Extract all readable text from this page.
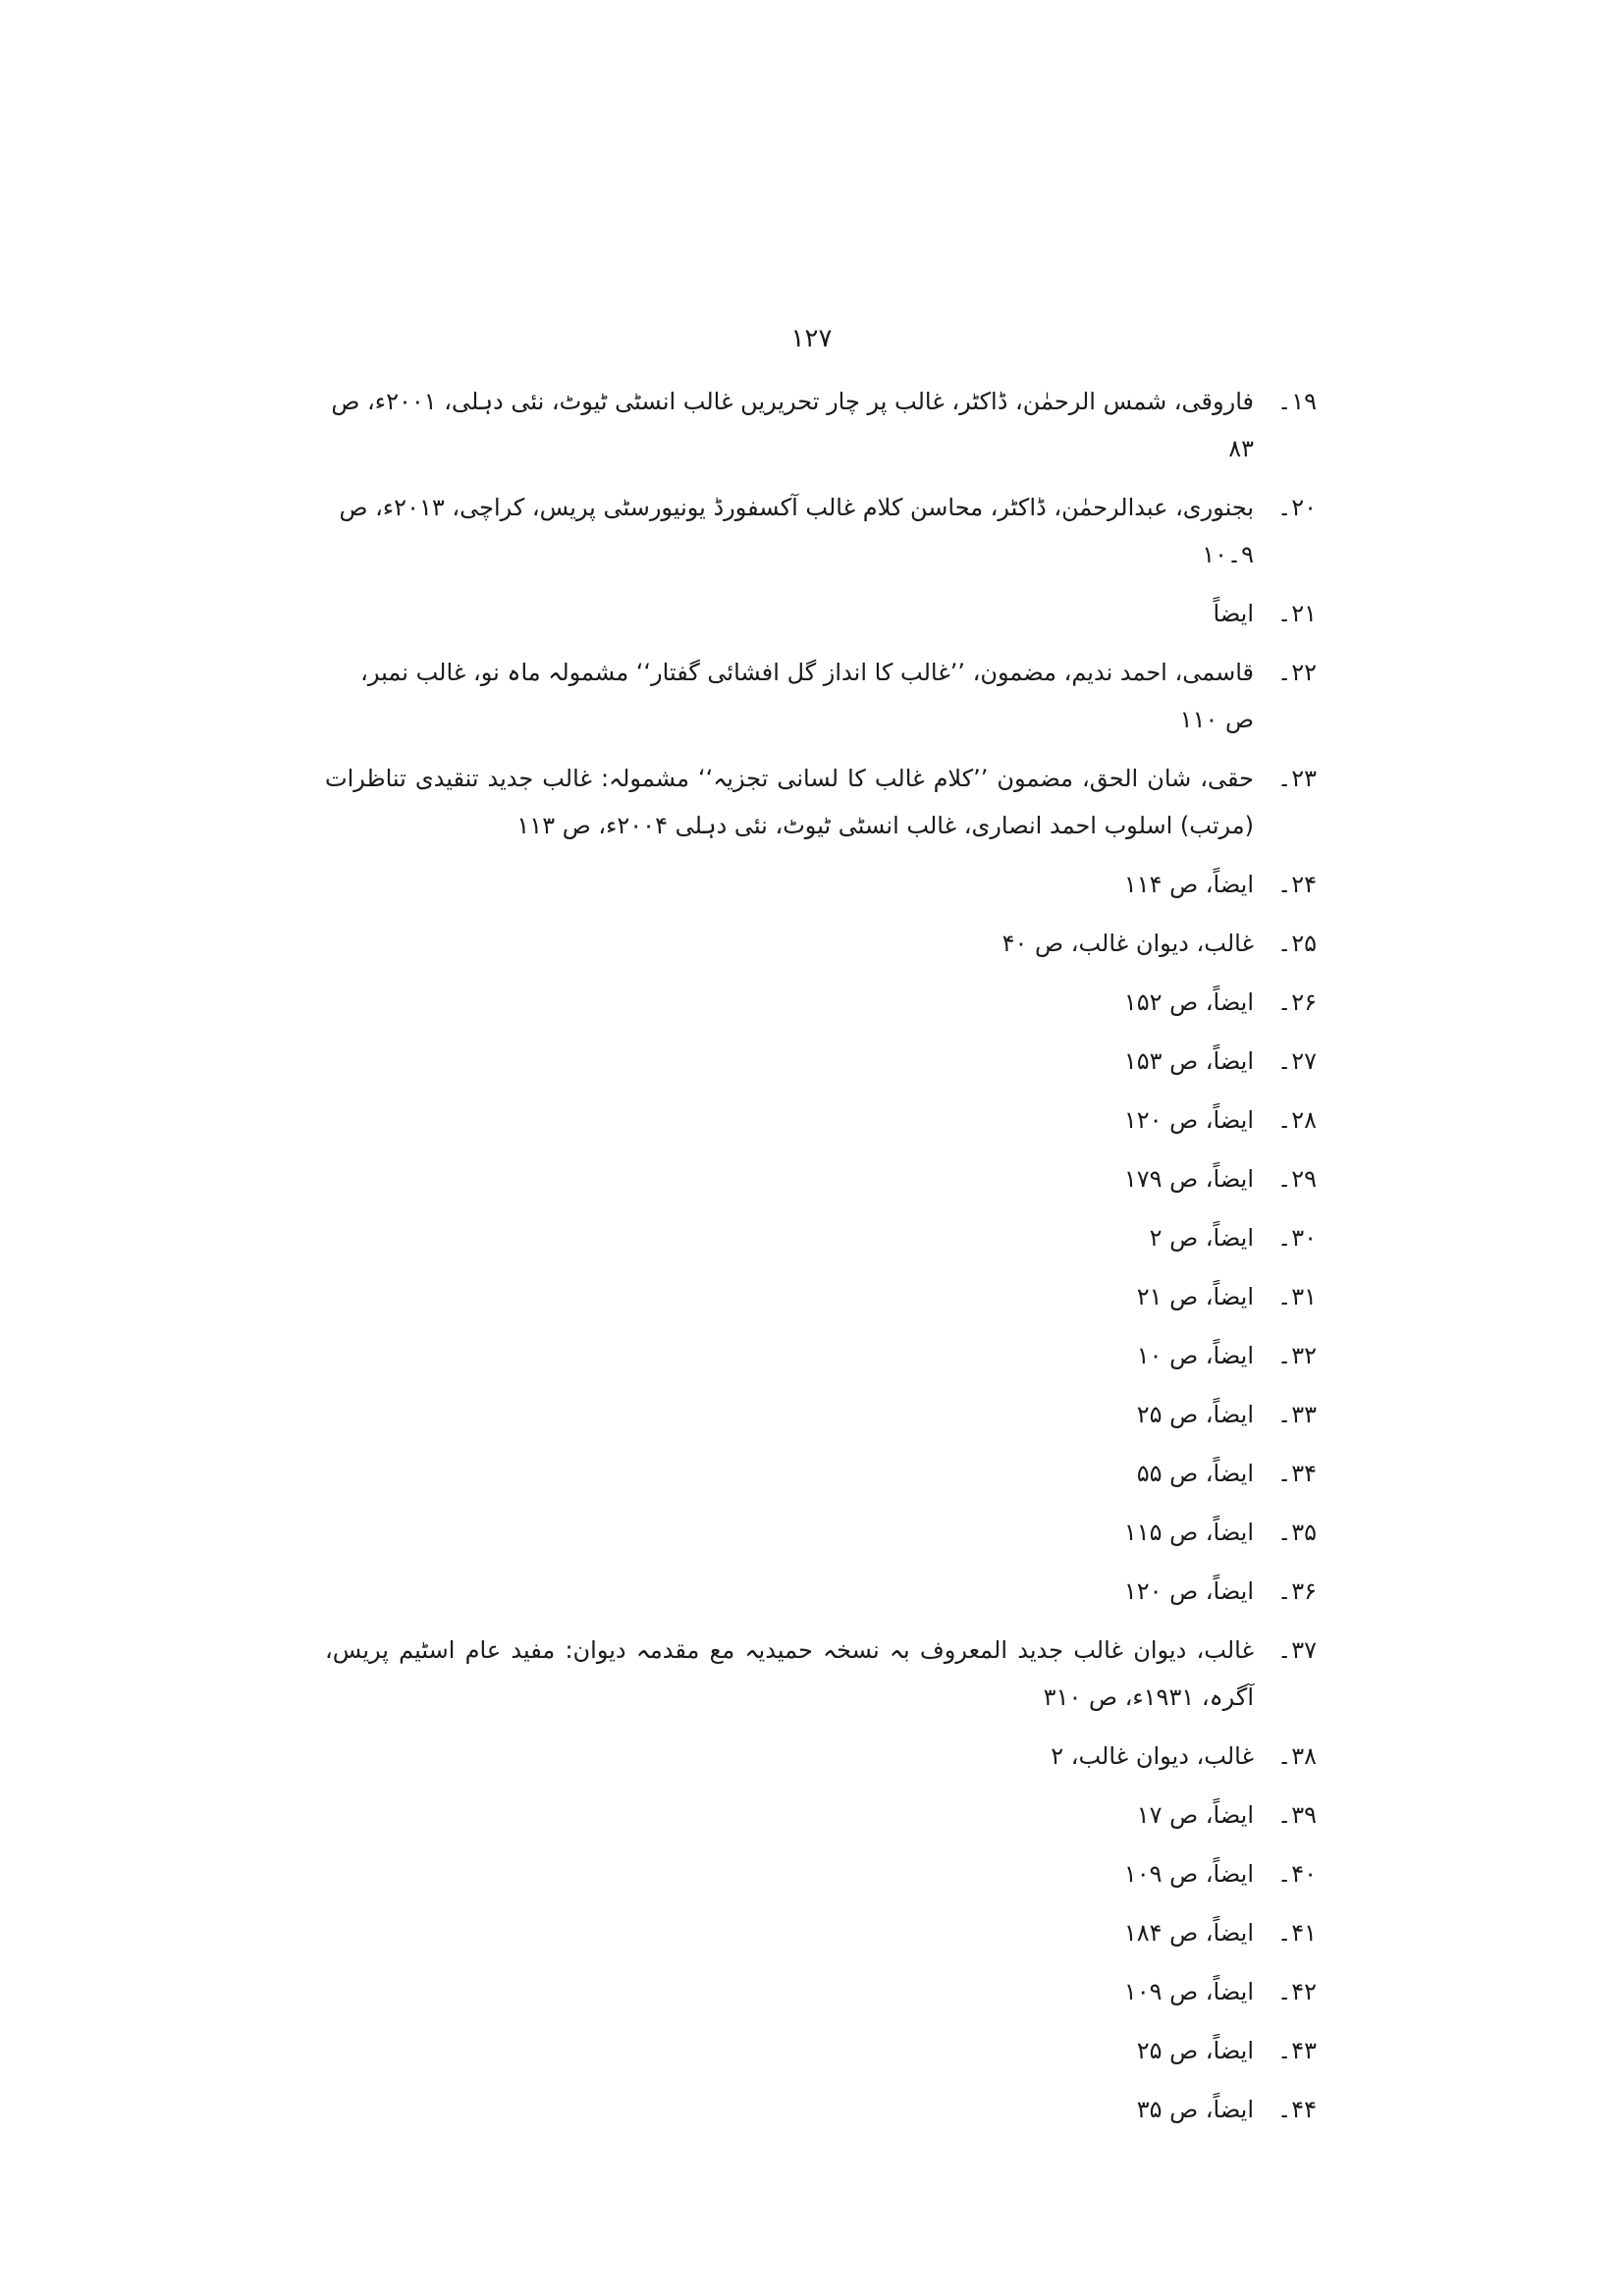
۱۲۷
۱۹۔
فاروقی، شمس الرحمٰن، ڈاکٹر، غالب پر چار تحریریں غالب انسٹی ٹیوٹ، نئی دہلی، ۲۰۰۱ء، ص ۸۳
۲۰۔
بجنوری، عبدالرحمٰن، ڈاکٹر، محاسن کلام غالب آکسفورڈ یونیورسٹی پریس، کراچی، ۲۰۱۳ء، ص ۹۔۱۰
۲۱۔
ایضاً
۲۲۔
قاسمی، احمد ندیم، مضمون، ’’غالب کا انداز گل افشائی گفتار‘‘ مشمولہ ماہ نو، غالب نمبر، ص ۱۱۰
۲۳۔
حقی، شان الحق، مضمون ’’کلام غالب کا لسانی تجزیہ‘‘ مشمولہ: غالب جدید تنقیدی تناظرات (مرتب) اسلوب احمد انصاری، غالب انسٹی ٹیوٹ، نئی دہلی ۲۰۰۴ء، ص ۱۱۳
۲۴۔
ایضاً، ص ۱۱۴
۲۵۔
غالب، دیوان غالب، ص ۴۰
۲۶۔
ایضاً، ص ۱۵۲
۲۷۔
ایضاً، ص ۱۵۳
۲۸۔
ایضاً، ص ۱۲۰
۲۹۔
ایضاً، ص ۱۷۹
۳۰۔
ایضاً، ص ۲
۳۱۔
ایضاً، ص ۲۱
۳۲۔
ایضاً، ص ۱۰
۳۳۔
ایضاً، ص ۲۵
۳۴۔
ایضاً، ص ۵۵
۳۵۔
ایضاً، ص ۱۱۵
۳۶۔
ایضاً، ص ۱۲۰
۳۷۔
غالب، دیوان غالب جدید المعروف بہ نسخہ حمیدیہ مع مقدمہ دیوان: مفید عام اسٹیم پریس، آگرہ، ۱۹۳۱ء، ص ۳۱۰
۳۸۔
غالب، دیوان غالب، ۲
۳۹۔
ایضاً، ص ۱۷
۴۰۔
ایضاً، ص ۱۰۹
۴۱۔
ایضاً، ص ۱۸۴
۴۲۔
ایضاً، ص ۱۰۹
۴۳۔
ایضاً، ص ۲۵
۴۴۔
ایضاً، ص ۳۵
